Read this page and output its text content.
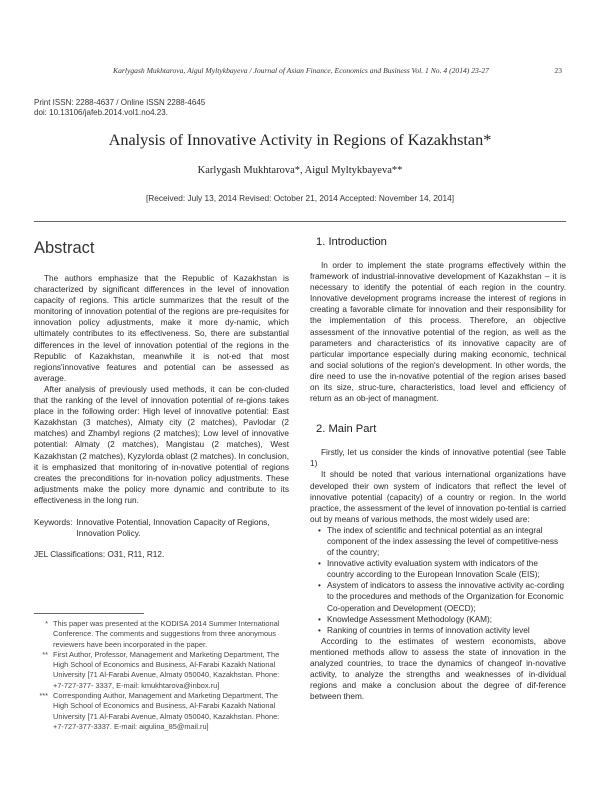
Karlygash Mukhtarova, Aigul Myltykbayeva / Journal of Asian Finance, Economics and Business Vol. 1 No. 4 (2014) 23-27	23
Print ISSN: 2288-4637 / Online ISSN 2288-4645
doi: 10.13106/jafeb.2014.vol1.no4.23.
Analysis of Innovative Activity in Regions of Kazakhstan*
Karlygash Mukhtarova*, Aigul Myltykbayeva**
[Received: July 13, 2014 Revised: October 21, 2014 Accepted: November 14, 2014]
Abstract

The authors emphasize that the Republic of Kazakhstan is characterized by significant differences in the level of innovation capacity of regions. This article summarizes that the result of the monitoring of innovation potential of the regions are pre-requisites for innovation policy adjustments, make it more dy-namic, which ultimately contributes to its effectiveness. So, there are substantial differences in the level of innovation potential of the regions in the Republic of Kazakhstan, meanwhile it is not-ed that most regions'innovative features and potential can be assessed as average.

After analysis of previously used methods, it can be con-cluded that the ranking of the level of innovation potential of re-gions takes place in the following order: High level of innovative potential: East Kazakhstan (3 matches), Almaty city (2 matches), Pavlodar (2 matches) and Zhambyl regions (2 matches); Low level of innovative potential: Almaty (2 matches), Mangistau (2 matches), West Kazakhstan (2 matches), Kyzylorda oblast (2 matches). In conclusion, it is emphasized that monitoring of in-novative potential of regions creates the preconditions for in-novation policy adjustments. These adjustments make the policy more dynamic and contribute to its effectiveness in the long run.

Keywords: Innovative Potential, Innovation Capacity of Regions, Innovation Policy.
JEL Classifications: O31, R11, R12.
* This paper was presented at the KODISA 2014 Summer International Conference. The comments and suggestions from three anonymous reviewers have been incorporated in the paper.
** First Author, Professor, Management and Marketing Department, The High School of Economics and Business, Al-Farabi Kazakh National University [71 Al-Farabi Avenue, Almaty 050040, Kazakhstan. Phone: +7-727-377- 3337, E-mail: kmukhtarova@inbox.ru]
*** Corresponding Author, Management and Marketing Department, The High School of Economics and Business, Al-Farabi Kazakh National University [71 Al-Farabi Avenue, Almaty 050040, Kazakhstan. Phone: +7-727-377-3337. E-mail: aigulina_85@mail.ru]
1. Introduction

In order to implement the state programs effectively within the framework of industrial-innovative development of Kazakhstan – it is necessary to identify the potential of each region in the country. Innovative development programs increase the interest of regions in creating a favorable climate for innovation and their responsibility for the implementation of this process. Therefore, an objective assessment of the innovative potential of the region, as well as the parameters and characteristics of its innovative capacity are of particular importance especially during making economic, technical and social solutions of the region's development. In other words, the dire need to use the in-novative potential of the region arises based on its size, struc-ture, characteristics, load level and efficiency of return as an ob-ject of managment.

2. Main Part

Firstly, let us consider the kinds of innovative potential (see Table 1)

It should be noted that various international organizations have developed their own system of indicators that reflect the level of innovative potential (capacity) of a country or region. In the world practice, the assessment of the level of innovation po-tential is carried out by means of various methods, the most widely used are:

• The index of scientific and technical potential as an integral component of the index assessing the level of competitive-ness of the country;
• Innovative activity evaluation system with indicators of the country according to the European Innovation Scale (EIS);
• Asystem of indicators to assess the innovative activity ac-cording to the procedures and methods of the Organization for Economic Co-operation and Development (OECD);
• Knowledge Assessment Methodology (KAM);
• Ranking of countries in terms of innovation activity level

According to the estimates of western economists, above mentioned methods allow to assess the state of innovation in the analyzed countries, to trace the dynamics of changeof in-novative activity, to analyze the strengths and weaknesses of in-dividual regions and make a conclusion about the degree of dif-ference between them.
